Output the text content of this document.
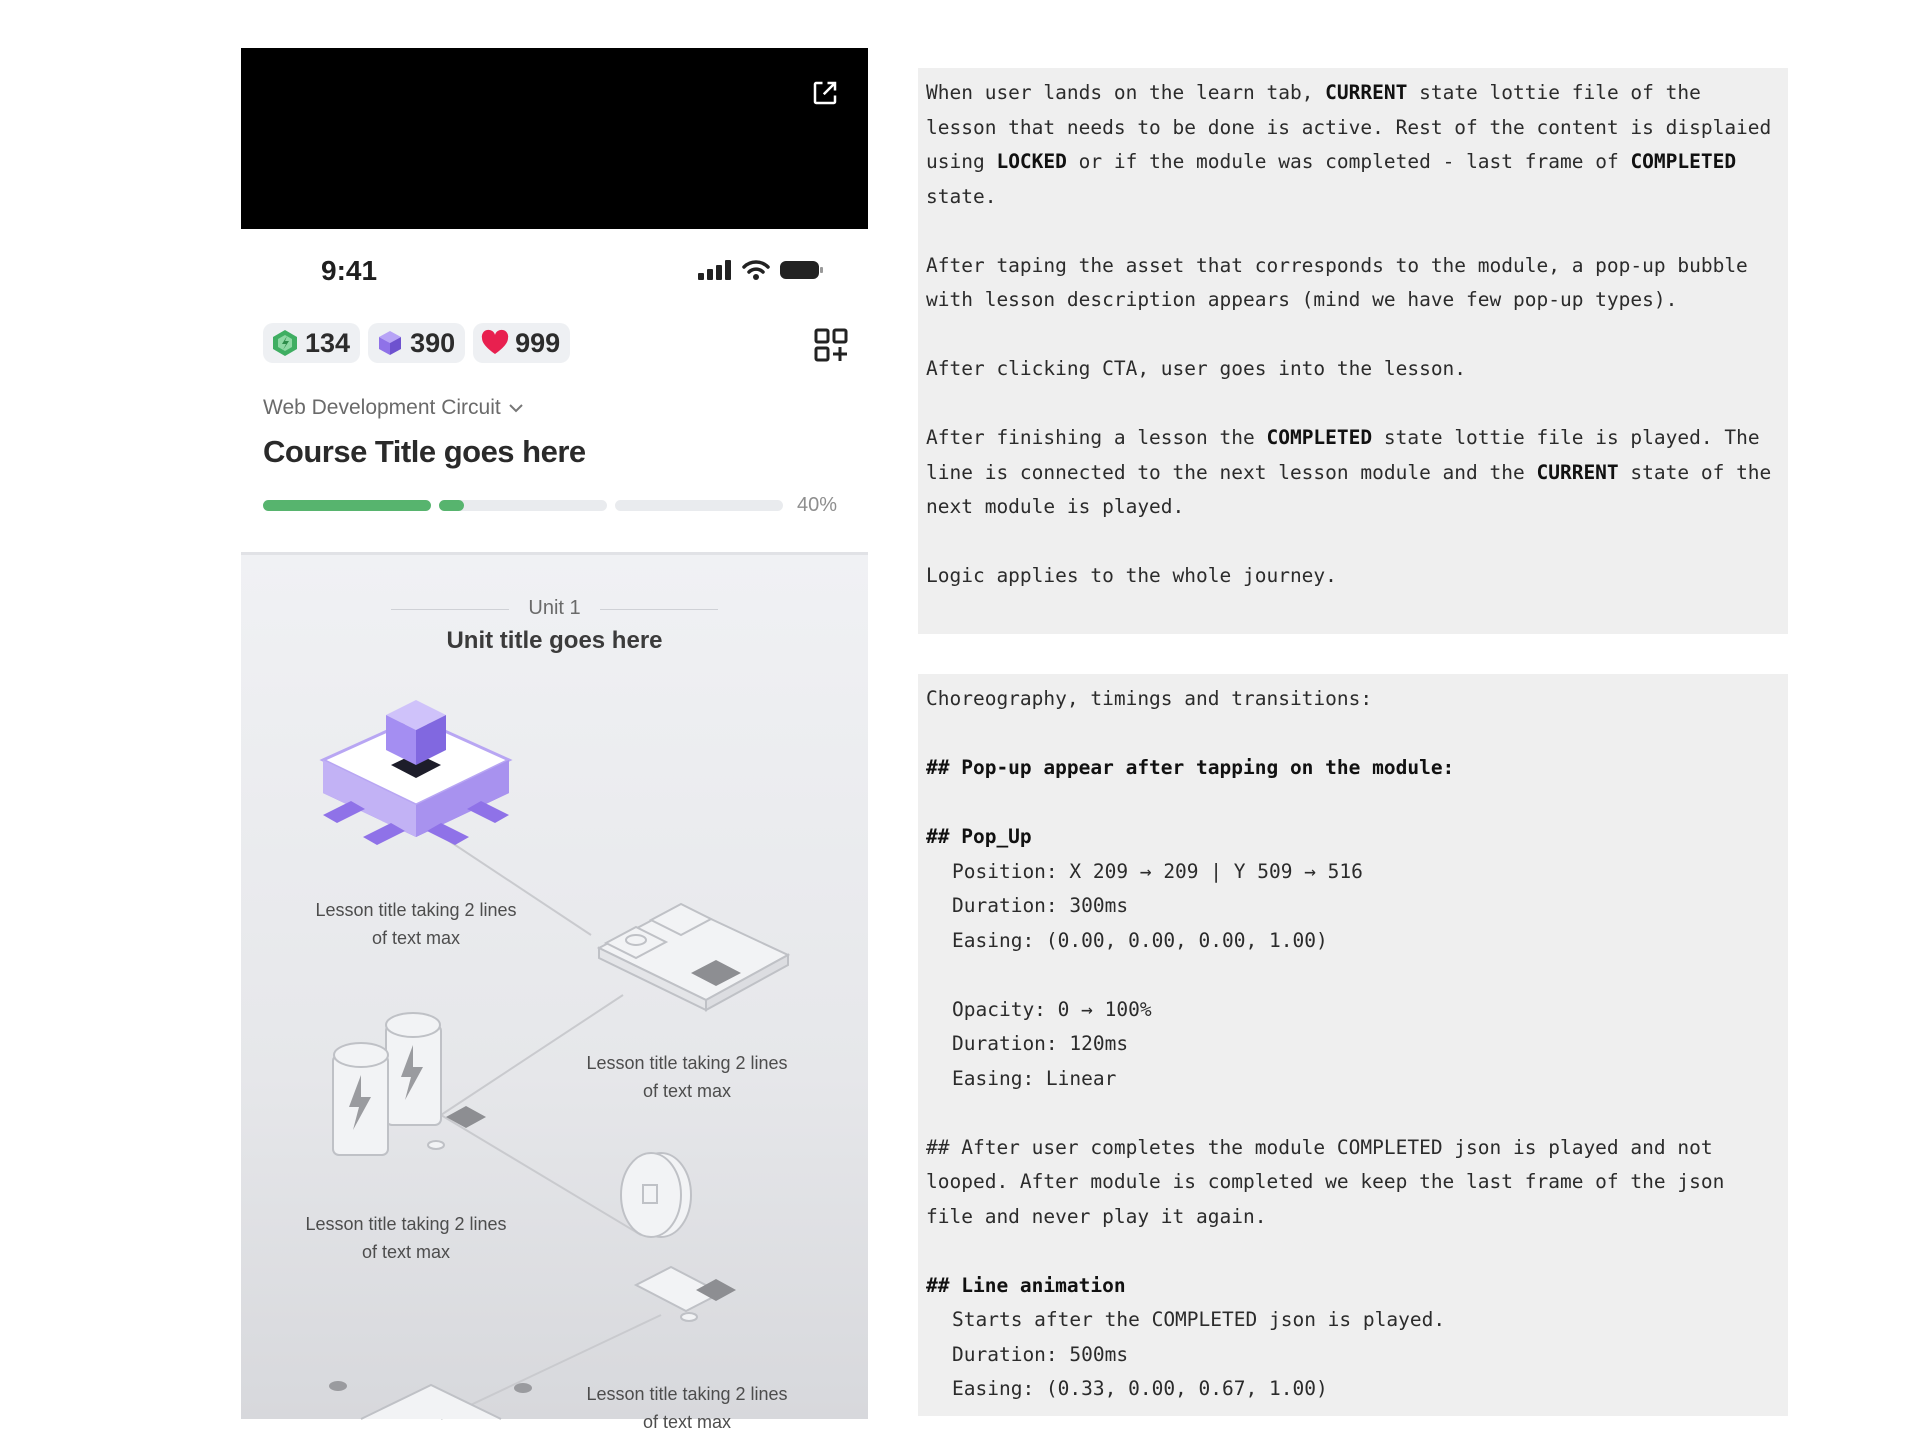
9:41
134 390 999
Web Development Circuit
Course Title goes here
40%
Unit 1
Unit title goes here
Lesson title taking 2 lines of text max
Lesson title taking 2 lines of text max
Lesson title taking 2 lines of text max
Lesson title taking 2 lines of text max

When user lands on the learn tab, CURRENT state lottie file of the lesson that needs to be done is active. Rest of the content is displaied using LOCKED or if the module was completed - last frame of COMPLETED state.

After taping the asset that corresponds to the module, a pop-up bubble with lesson description appears (mind we have few pop-up types).

After clicking CTA, user goes into the lesson.

After finishing a lesson the COMPLETED state lottie file is played. The line is connected to the next lesson module and the CURRENT state of the next module is played.

Logic applies to the whole journey.

Choreography, timings and transitions:

## Pop-up appear after tapping on the module:

## Pop_Up

Position: X 209 → 209 | Y 509 → 516

Duration: 300ms

Easing: (0.00, 0.00, 0.00, 1.00)

Opacity: 0 → 100%

Duration: 120ms

Easing: Linear

## After user completes the module COMPLETED json is played and not looped. After module is completed we keep the last frame of the json file and never play it again.

## Line animation

Starts after the COMPLETED json is played.

Duration: 500ms

Easing: (0.33, 0.00, 0.67, 1.00)
